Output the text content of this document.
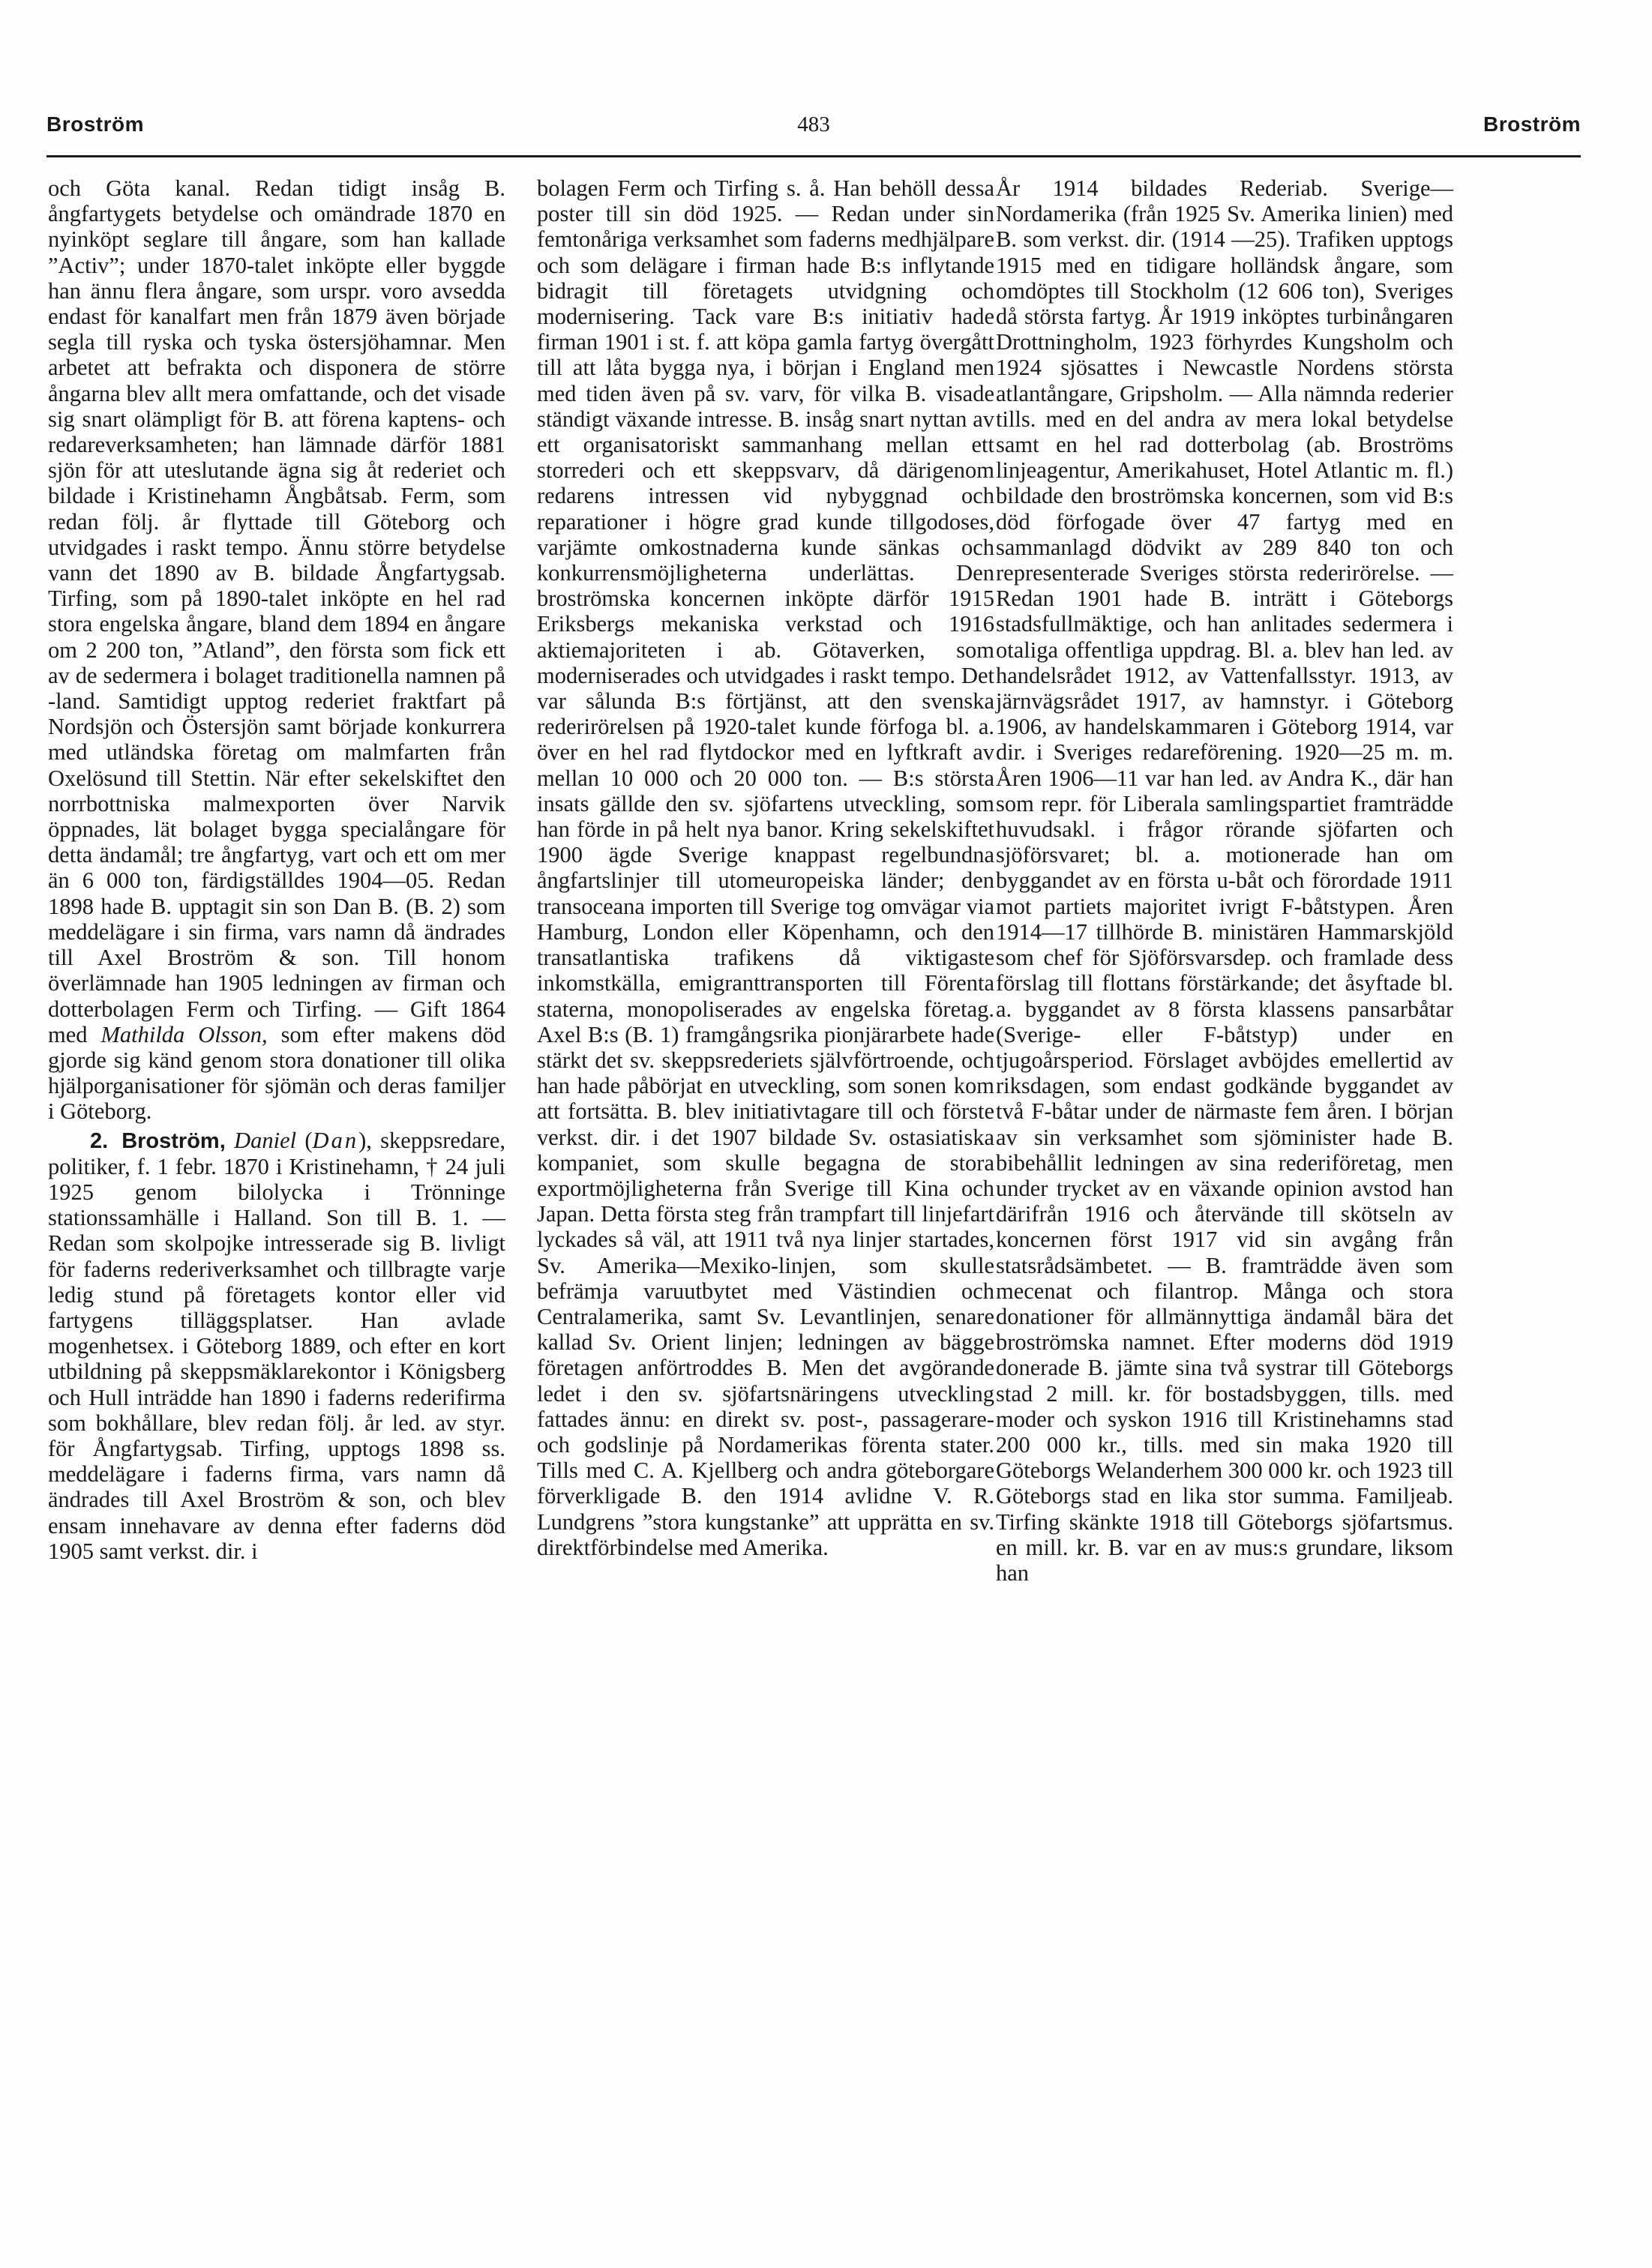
Broström	483	Broström

och Göta kanal. Redan tidigt insåg B. ångfartygets betydelse och omändrade 1870 en nyinköpt seglare till ångare, som han kallade ”Activ”; under 1870-talet inköpte eller byggde han ännu flera ångare, som urspr. voro avsedda endast för kanalfart men från 1879 även började segla till ryska och tyska östersjöhamnar. Men arbetet att befrakta och disponera de större ångarna blev allt mera omfattande, och det visade sig snart olämpligt för B. att förena kaptens- och redareverksamheten; han lämnade därför 1881 sjön för att uteslutande ägna sig åt rederiet och bildade i Kristinehamn Ångbåtsab. Ferm, som redan följ. år flyttade till Göteborg och utvidgades i raskt tempo. Ännu större betydelse vann det 1890 av B. bildade Ångfartygsab. Tirfing, som på 1890-talet inköpte en hel rad stora engelska ångare, bland dem 1894 en ångare om 2 200 ton, ”Atland”, den första som fick ett av de sedermera i bolaget traditionella namnen på -land. Samtidigt upptog rederiet fraktfart på Nordsjön och Östersjön samt började konkurrera med utländska företag om malmfarten från Oxelösund till Stettin. När efter sekelskiftet den norrbottniska malmexporten över Narvik öppnades, lät bolaget bygga specialångare för detta ändamål; tre ångfartyg, vart och ett om mer än 6 000 ton, färdigställdes 1904—05. Redan 1898 hade B. upptagit sin son Dan B. (B. 2) som meddelägare i sin firma, vars namn då ändrades till Axel Broström & son. Till honom överlämnade han 1905 ledningen av firman och dotterbolagen Ferm och Tirfing. — Gift 1864 med Mathilda Olsson, som efter makens död gjorde sig känd genom stora donationer till olika hjälporganisationer för sjömän och deras familjer i Göteborg.

2. Broström, Daniel (Dan), skeppsredare, politiker, f. 1 febr. 1870 i Kristinehamn, † 24 juli 1925 genom bilolycka i Trönninge stationssamhälle i Halland. Son till B. 1. — Redan som skolpojke intresserade sig B. livligt för faderns rederiverksamhet och tillbragte varje ledig stund på företagets kontor eller vid fartygens tilläggsplatser. Han avlade mogenhetsex. i Göteborg 1889, och efter en kort utbildning på skeppsmäklarekontor i Königsberg och Hull inträdde han 1890 i faderns rederifirma som bokhållare, blev redan följ. år led. av styr. för Ångfartygsab. Tirfing, upptogs 1898 ss. meddelägare i faderns firma, vars namn då ändrades till Axel Broström & son, och blev ensam innehavare av denna efter faderns död 1905 samt verkst. dir. i

bolagen Ferm och Tirfing s. å. Han behöll dessa poster till sin död 1925. — Redan under sin femtonåriga verksamhet som faderns medhjälpare och som delägare i firman hade B:s inflytande bidragit till företagets utvidgning och modernisering. Tack vare B:s initiativ hade firman 1901 i st. f. att köpa gamla fartyg övergått till att låta bygga nya, i början i England men med tiden även på sv. varv, för vilka B. visade ständigt växande intresse. B. insåg snart nyttan av ett organisatoriskt sammanhang mellan ett storrederi och ett skeppsvarv, då därigenom redarens intressen vid nybyggnad och reparationer i högre grad kunde tillgodoses, varjämte omkostnaderna kunde sänkas och konkurrensmöjligheterna underlättas. Den broströmska koncernen inköpte därför 1915 Eriksbergs mekaniska verkstad och 1916 aktiemajoriteten i ab. Götaverken, som moderniserades och utvidgades i raskt tempo. Det var sålunda B:s förtjänst, att den svenska rederirörelsen på 1920-talet kunde förfoga bl. a. över en hel rad flytdockor med en lyftkraft av mellan 10 000 och 20 000 ton. — B:s största insats gällde den sv. sjöfartens utveckling, som han förde in på helt nya banor. Kring sekelskiftet 1900 ägde Sverige knappast regelbundna ångfartslinjer till utomeuropeiska länder; den transoceana importen till Sverige tog omvägar via Hamburg, London eller Köpenhamn, och den transatlantiska trafikens då viktigaste inkomstkälla, emigranttransporten till Förenta staterna, monopoliserades av engelska företag. Axel B:s (B. 1) framgångsrika pionjärarbete hade stärkt det sv. skeppsrederiets självförtroende, och han hade påbörjat en utveckling, som sonen kom att fortsätta. B. blev initiativtagare till och förste verkst. dir. i det 1907 bildade Sv. ostasiatiska kompaniet, som skulle begagna de stora exportmöjligheterna från Sverige till Kina och Japan. Detta första steg från trampfart till linjefart lyckades så väl, att 1911 två nya linjer startades, Sv. Amerika—Mexiko-linjen, som skulle befrämja varuutbytet med Västindien och Centralamerika, samt Sv. Levantlinjen, senare kallad Sv. Orient linjen; ledningen av bägge företagen anförtroddes B. Men det avgörande ledet i den sv. sjöfartsnäringens utveckling fattades ännu: en direkt sv. post-, passagerare- och godslinje på Nordamerikas förenta stater. Tills med C. A. Kjellberg och andra göteborgare förverkligade B. den 1914 avlidne V. R. Lundgrens ”stora kungstanke” att upprätta en sv. direktförbindelse med Amerika.

År 1914 bildades Rederiab. Sverige—Nordamerika (från 1925 Sv. Amerika linien) med B. som verkst. dir. (1914 —25). Trafiken upptogs 1915 med en tidigare holländsk ångare, som omdöptes till Stockholm (12 606 ton), Sveriges då största fartyg. År 1919 inköptes turbinångaren Drottningholm, 1923 förhyrdes Kungsholm och 1924 sjösattes i Newcastle Nordens största atlantångare, Gripsholm. — Alla nämnda rederier tills. med en del andra av mera lokal betydelse samt en hel rad dotterbolag (ab. Broströms linjeagentur, Amerikahuset, Hotel Atlantic m. fl.) bildade den broströmska koncernen, som vid B:s död förfogade över 47 fartyg med en sammanlagd dödvikt av 289 840 ton och representerade Sveriges största rederirörelse. — Redan 1901 hade B. inträtt i Göteborgs stadsfullmäktige, och han anlitades sedermera i otaliga offentliga uppdrag. Bl. a. blev han led. av handelsrådet 1912, av Vattenfallsstyr. 1913, av järnvägsrådet 1917, av hamnstyr. i Göteborg 1906, av handelskammaren i Göteborg 1914, var dir. i Sveriges redareförening. 1920—25 m. m. Åren 1906—11 var han led. av Andra K., där han som repr. för Liberala samlingspartiet framträdde huvudsakl. i frågor rörande sjöfarten och sjöförsvaret; bl. a. motionerade han om byggandet av en första u-båt och förordade 1911 mot partiets majoritet ivrigt F-båtstypen. Åren 1914—17 tillhörde B. ministären Hammarskjöld som chef för Sjöförsvarsdep. och framlade dess förslag till flottans förstärkande; det åsyftade bl. a. byggandet av 8 första klassens pansarbåtar (Sverige- eller F-båtstyp) under en tjugoårsperiod. Förslaget avböjdes emellertid av riksdagen, som endast godkände byggandet av två F-båtar under de närmaste fem åren. I början av sin verksamhet som sjöminister hade B. bibehållit ledningen av sina rederiföretag, men under trycket av en växande opinion avstod han därifrån 1916 och återvände till skötseln av koncernen först 1917 vid sin avgång från statsrådsämbetet. — B. framträdde även som mecenat och filantrop. Många och stora donationer för allmännyttiga ändamål bära det broströmska namnet. Efter moderns död 1919 donerade B. jämte sina två systrar till Göteborgs stad 2 mill. kr. för bostadsbyggen, tills. med moder och syskon 1916 till Kristinehamns stad 200 000 kr., tills. med sin maka 1920 till Göteborgs Welanderhem 300 000 kr. och 1923 till Göteborgs stad en lika stor summa. Familjeab. Tirfing skänkte 1918 till Göteborgs sjöfartsmus. en mill. kr. B. var en av mus:s grundare, liksom han
